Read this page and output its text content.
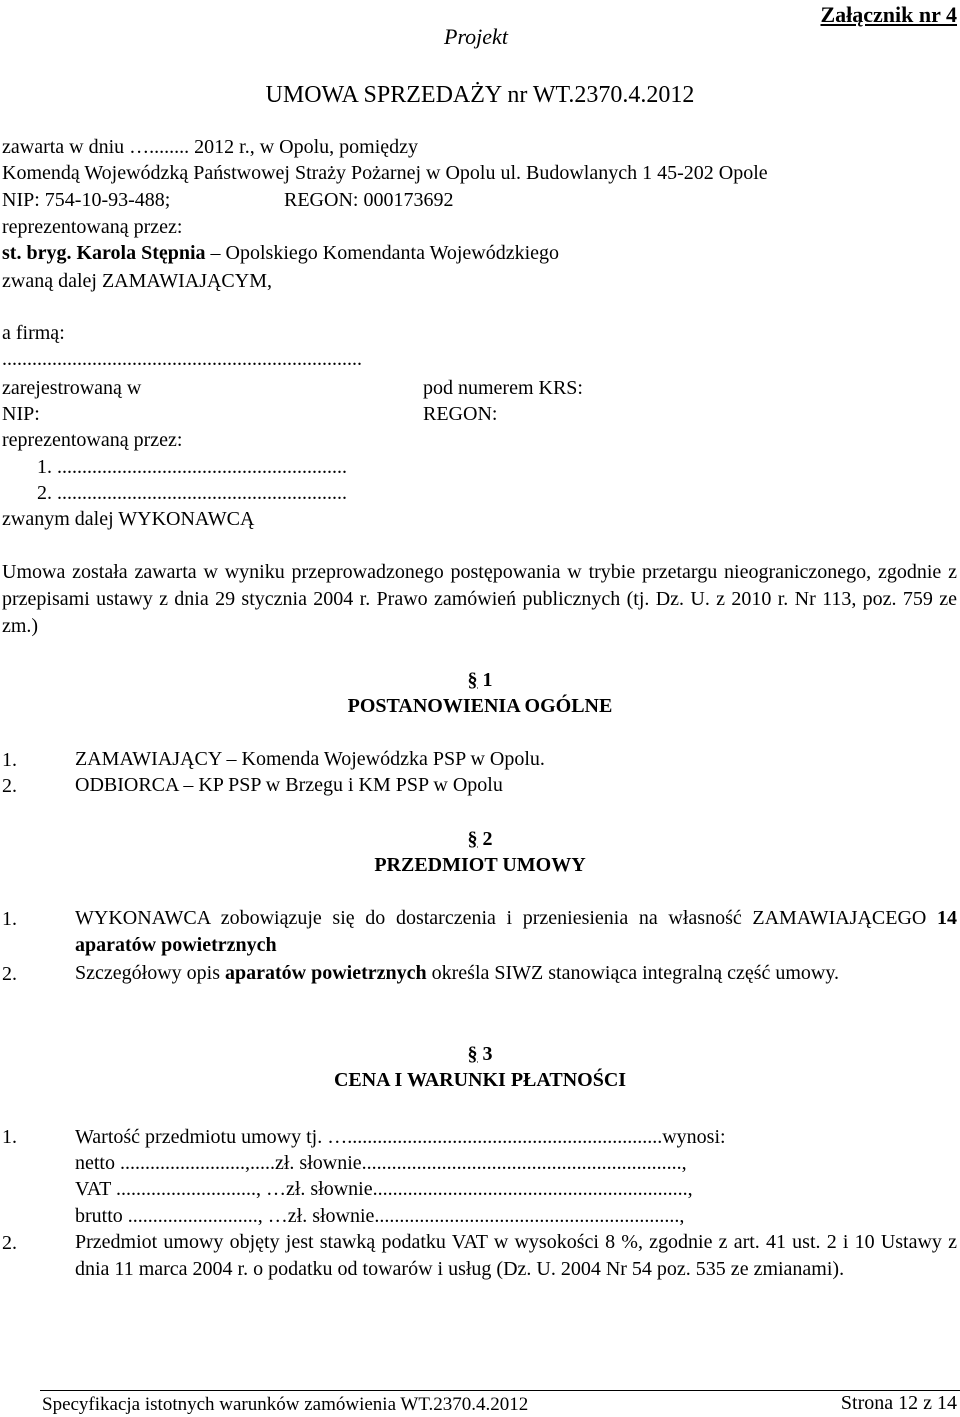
Projekt
Załącznik nr 4
UMOWA SPRZEDAŻY nr WT.2370.4.2012
zawarta w dniu …........ 2012 r., w Opolu, pomiędzy
Komendą Wojewódzką Państwowej Straży Pożarnej w Opolu ul. Budowlanych 1 45-202 Opole
NIP: 754-10-93-488;	REGON: 000173692
reprezentowaną przez:
st. bryg. Karola Stępnia – Opolskiego Komendanta Wojewódzkiego
zwaną dalej ZAMAWIAJĄCYM,
a firmą:
........................................................................
zarejestrowaną w	pod numerem KRS:
NIP:	REGON:
reprezentowaną przez:
1. ..........................................................
2. ..........................................................
zwanym dalej WYKONAWCĄ
Umowa została zawarta w wyniku przeprowadzonego postępowania w trybie przetargu nieograniczonego, zgodnie z przepisami ustawy z dnia 29 stycznia 2004 r. Prawo zamówień publicznych (tj. Dz. U. z 2010 r. Nr 113, poz. 759 ze zm.)
§ 1
POSTANOWIENIA OGÓLNE
1.	ZAMAWIAJĄCY – Komenda Wojewódzka PSP w Opolu.
2.	ODBIORCA – KP PSP w Brzegu i KM PSP w Opolu
§ 2
PRZEDMIOT UMOWY
1.	WYKONAWCA zobowiązuje się do dostarczenia i przeniesienia na własność ZAMAWIAJĄCEGO 14 aparatów powietrznych
2.	Szczegółowy opis aparatów powietrznych określa SIWZ stanowiąca integralną część umowy.
§ 3
CENA I WARUNKI PŁATNOŚCI
1.	Wartość przedmiotu umowy tj. …...............................................................wynosi:
netto .........................,.....zł. słownie................................................................,
VAT ............................, …zł. słownie...............................................................,
brutto .........................., …zł. słownie.............................................................,
2.	Przedmiot umowy objęty jest stawką podatku VAT w wysokości 8 %, zgodnie z art. 41 ust. 2 i 10 Ustawy z dnia 11 marca 2004 r. o podatku od towarów i usług (Dz. U. 2004 Nr 54 poz. 535 ze zmianami).
Specyfikacja istotnych warunków zamówienia WT.2370.4.2012	Strona 12 z 14
